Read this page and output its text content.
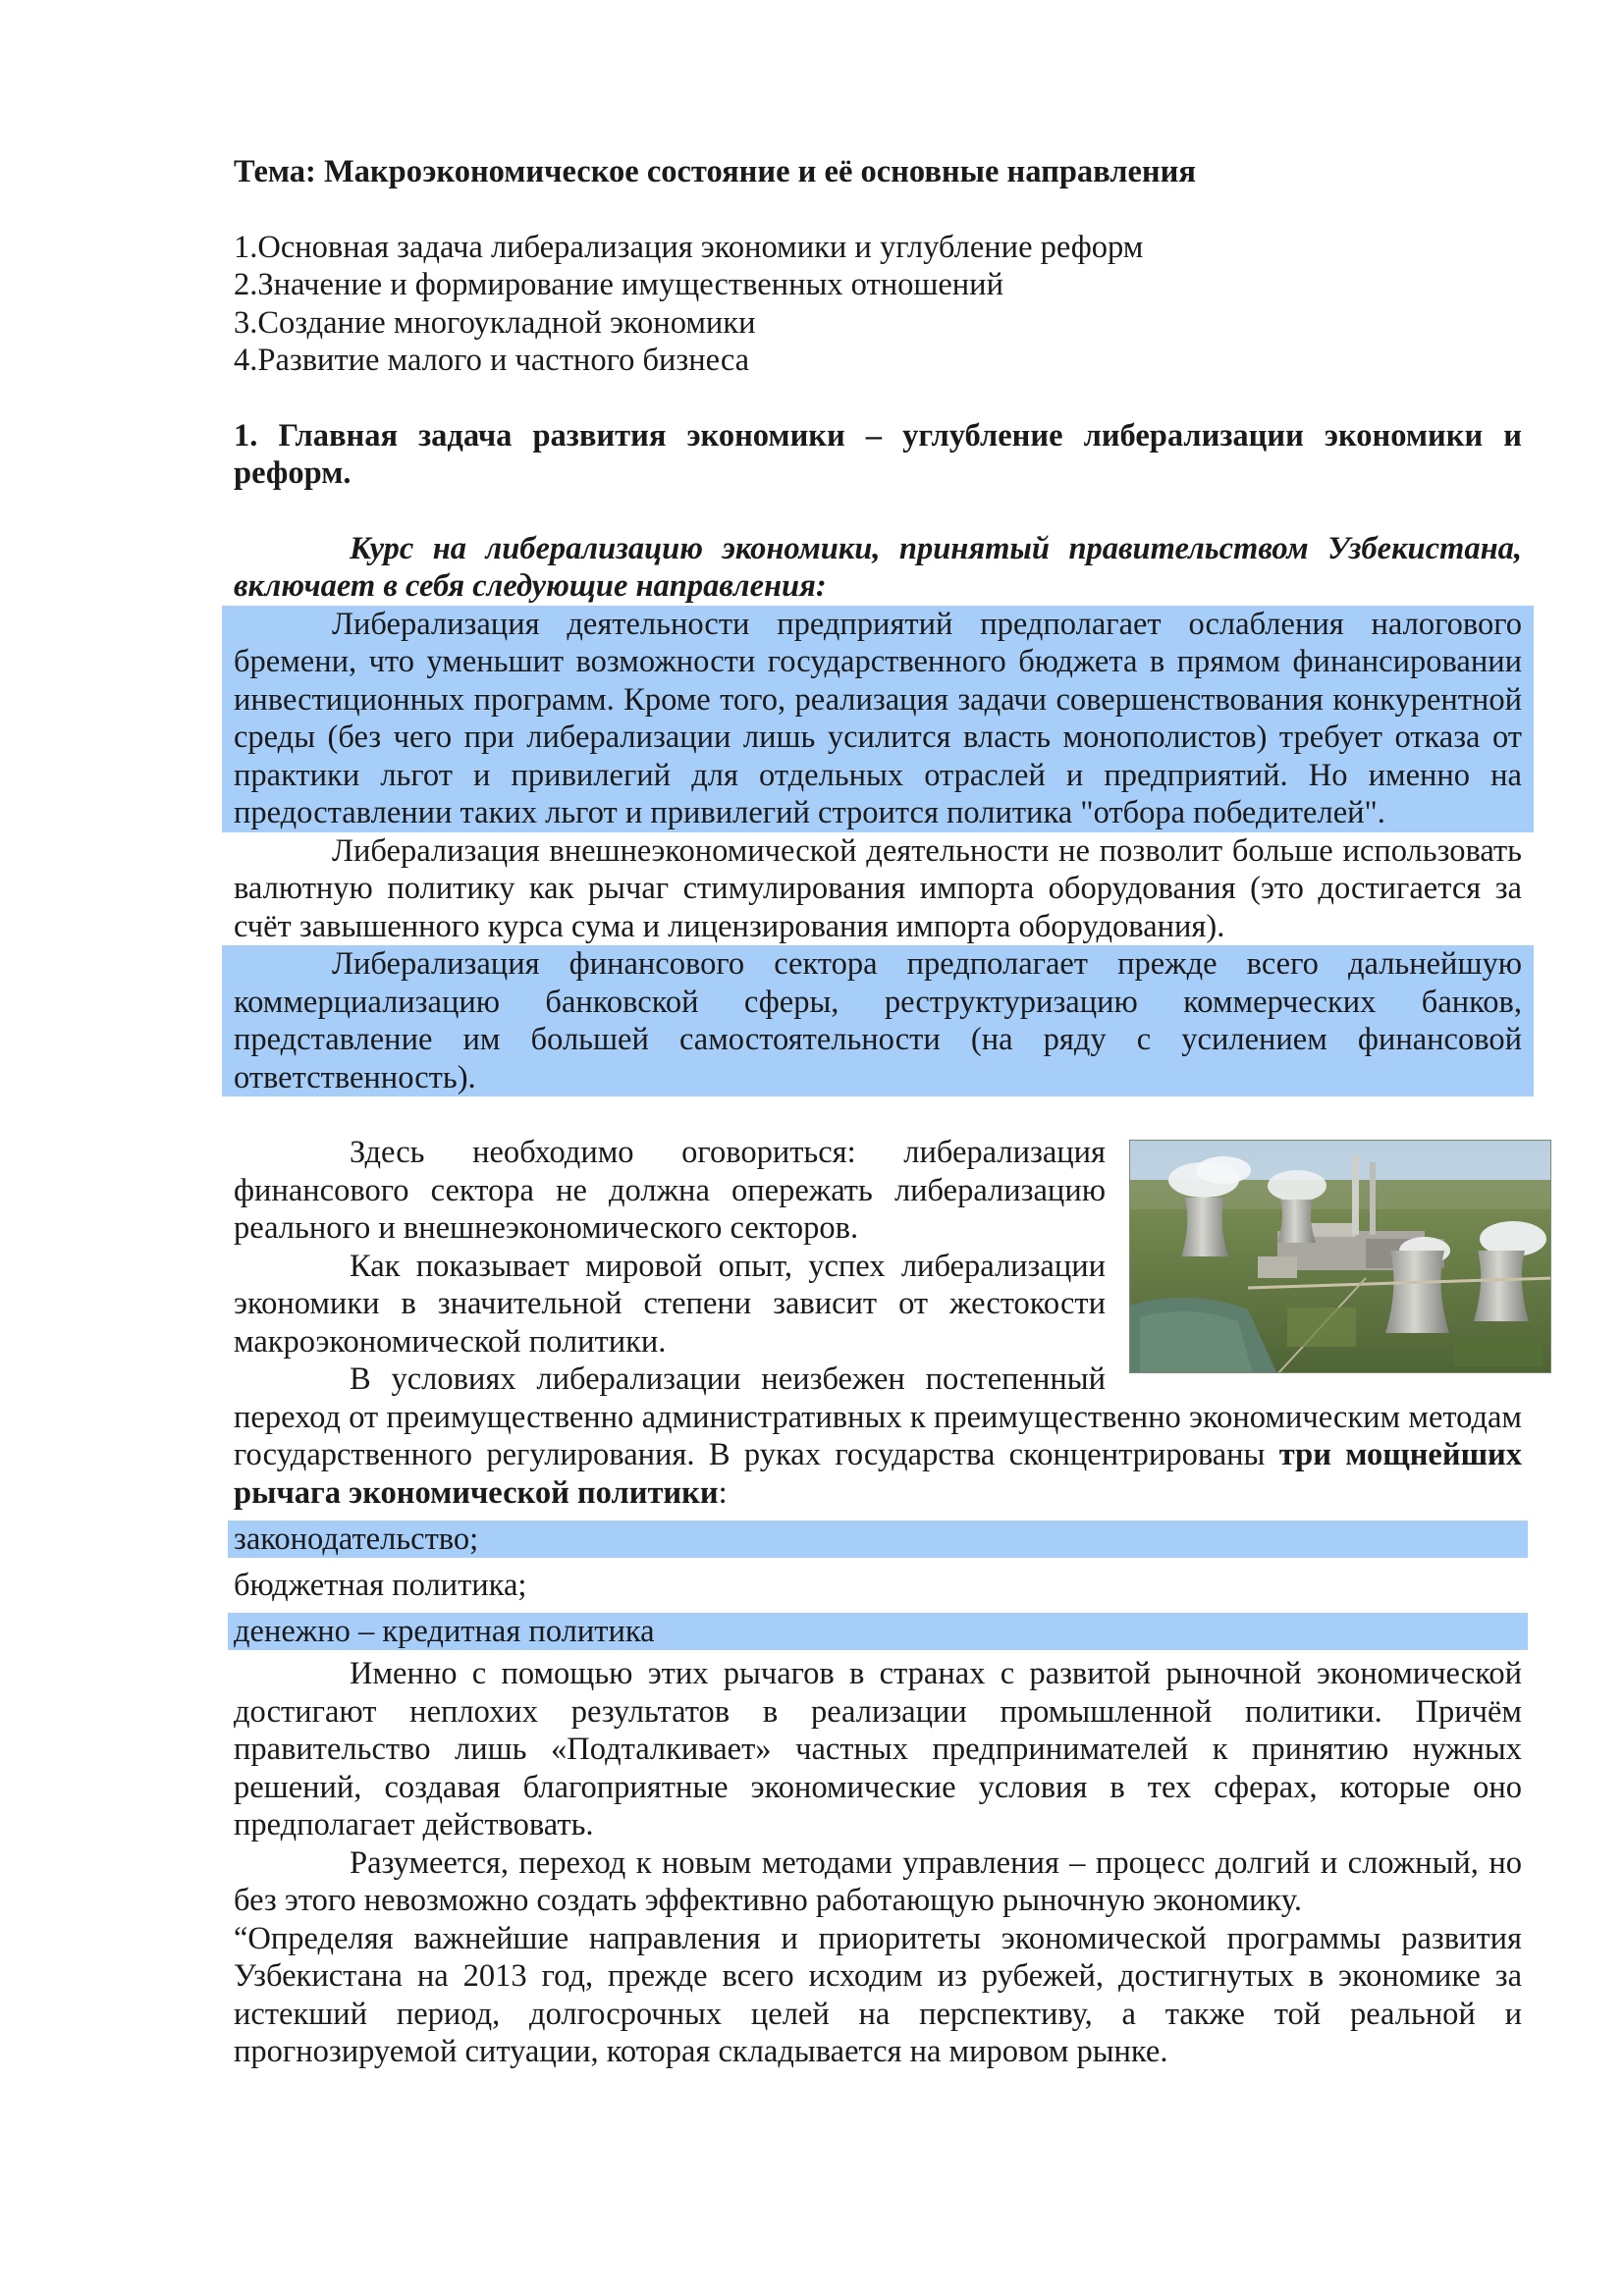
Тема: Макроэкономическое состояние и её основные направления
1.Основная задача либерализация экономики и углубление реформ
2.Значение и формирование имущественных отношений
3.Создание многоукладной экономики
4.Развитие малого и частного бизнеса
1. Главная задача развития экономики – углубление либерализации экономики и реформ.

Курс на либерализацию экономики, принятый правительством Узбекистана, включает в себя следующие направления:

Либерализация деятельности предприятий предполагает ослабления налогового бремени, что уменьшит возможности государственного бюджета в прямом финансировании инвестиционных программ. Кроме того, реализация задачи совершенствования конкурентной среды (без чего при либерализации лишь усилится власть монополистов) требует отказа от практики льгот и привилегий для отдельных отраслей и предприятий. Но именно на предоставлении таких льгот и привилегий строится политика "отбора победителей".

Либерализация внешнеэкономической деятельности не позволит больше использовать валютную политику как рычаг стимулирования импорта оборудования (это достигается за счёт завышенного курса сума и лицензирования импорта оборудования).

Либерализация финансового сектора предполагает прежде всего дальнейшую коммерциализацию банковской сферы, реструктуризацию коммерческих банков, представление им большей самостоятельности (на ряду с усилением финансовой ответственность).

Здесь необходимо оговориться: либерализация финансового сектора не должна опережать либерализацию реального и внешнеэкономического секторов.

Как показывает мировой опыт, успех либерализации экономики в значительной степени зависит от жестокости макроэкономической политики.

В условиях либерализации неизбежен постепенный переход от преимущественно административных к преимущественно экономическим методам государственного регулирования. В руках государства сконцентрированы три мощнейших рычага экономической политики:

законодательство;
бюджетная политика;
денежно – кредитная политика

Именно с помощью этих рычагов в странах с развитой рыночной экономической достигают неплохих результатов в реализации промышленной политики. Причём правительство лишь «Подталкивает» частных предпринимателей к принятию нужных решений, создавая благоприятные экономические условия в тех сферах, которые оно предполагает действовать.

Разумеется, переход к новым методами управления – процесс долгий и сложный, но без этого невозможно создать эффективно работающую рыночную экономику.

“Определяя важнейшие направления и приоритеты экономической программы развития Узбекистана на 2013 год, прежде всего исходим из рубежей, достигнутых в экономике за истекший период, долгосрочных целей на перспективу, а также той реальной и прогнозируемой ситуации, которая складывается на мировом рынке.
